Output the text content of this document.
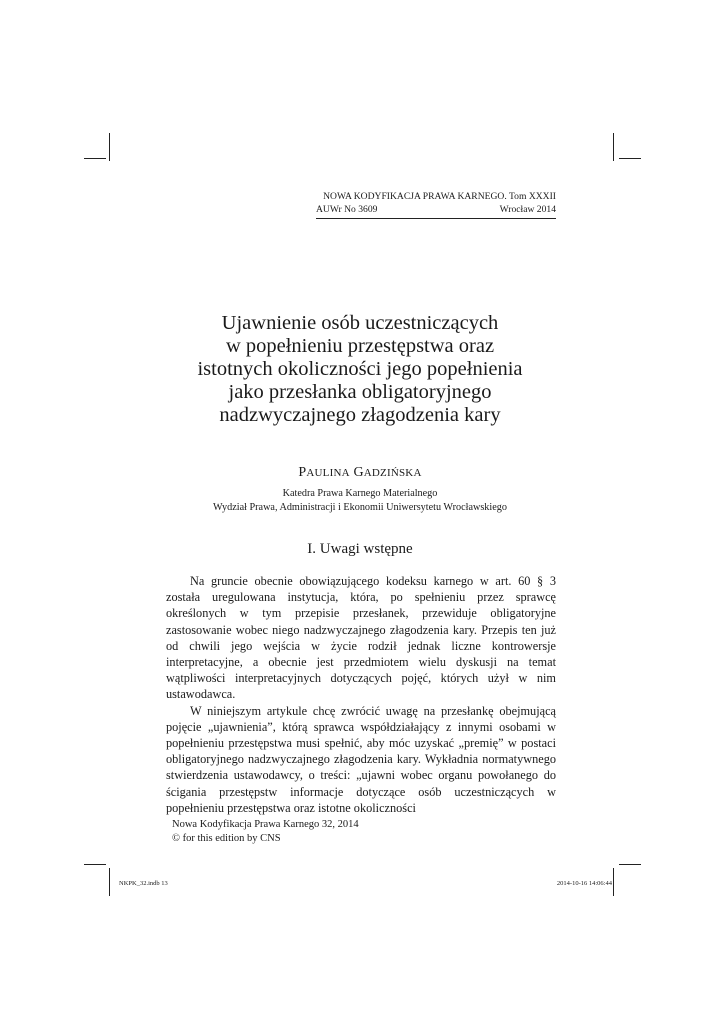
NOWA KODYFIKACJA PRAWA KARNEGO. Tom XXXII
AUWr No 3609	Wrocław 2014
Ujawnienie osób uczestniczących
w popełnieniu przestępstwa oraz
istotnych okoliczności jego popełnienia
jako przesłanka obligatoryjnego
nadzwyczajnego złagodzenia kary
PAULINA GADZIŃSKA
Katedra Prawa Karnego Materialnego
Wydział Prawa, Administracji i Ekonomii Uniwersytetu Wrocławskiego
I. Uwagi wstępne

Na gruncie obecnie obowiązującego kodeksu karnego w art. 60 § 3 została uregulowana instytucja, która, po spełnieniu przez sprawcę określonych w tym przepisie przesłanek, przewiduje obligatoryjne zastosowanie wobec niego nadzwyczajnego złagodzenia kary. Przepis ten już od chwili jego wejścia w życie rodził jednak liczne kontrowersje interpretacyjne, a obecnie jest przedmiotem wielu dyskusji na temat wątpliwości interpretacyjnych dotyczących pojęć, których użył w nim ustawodawca.

W niniejszym artykule chcę zwrócić uwagę na przesłankę obejmującą pojęcie „ujawnienia”, którą sprawca współdziałający z innymi osobami w popełnieniu przestępstwa musi spełnić, aby móc uzyskać „premię” w postaci obligatoryjnego nadzwyczajnego złagodzenia kary. Wykładnia normatywnego stwierdzenia ustawodawcy, o treści: „ujawni wobec organu powołanego do ścigania przestępstw informacje dotyczące osób uczestniczących w popełnieniu przestępstwa oraz istotne okoliczności

Nowa Kodyfikacja Prawa Karnego 32, 2014
© for this edition by CNS
NKPK_32.indb 13	2014-10-16 14:06:44
